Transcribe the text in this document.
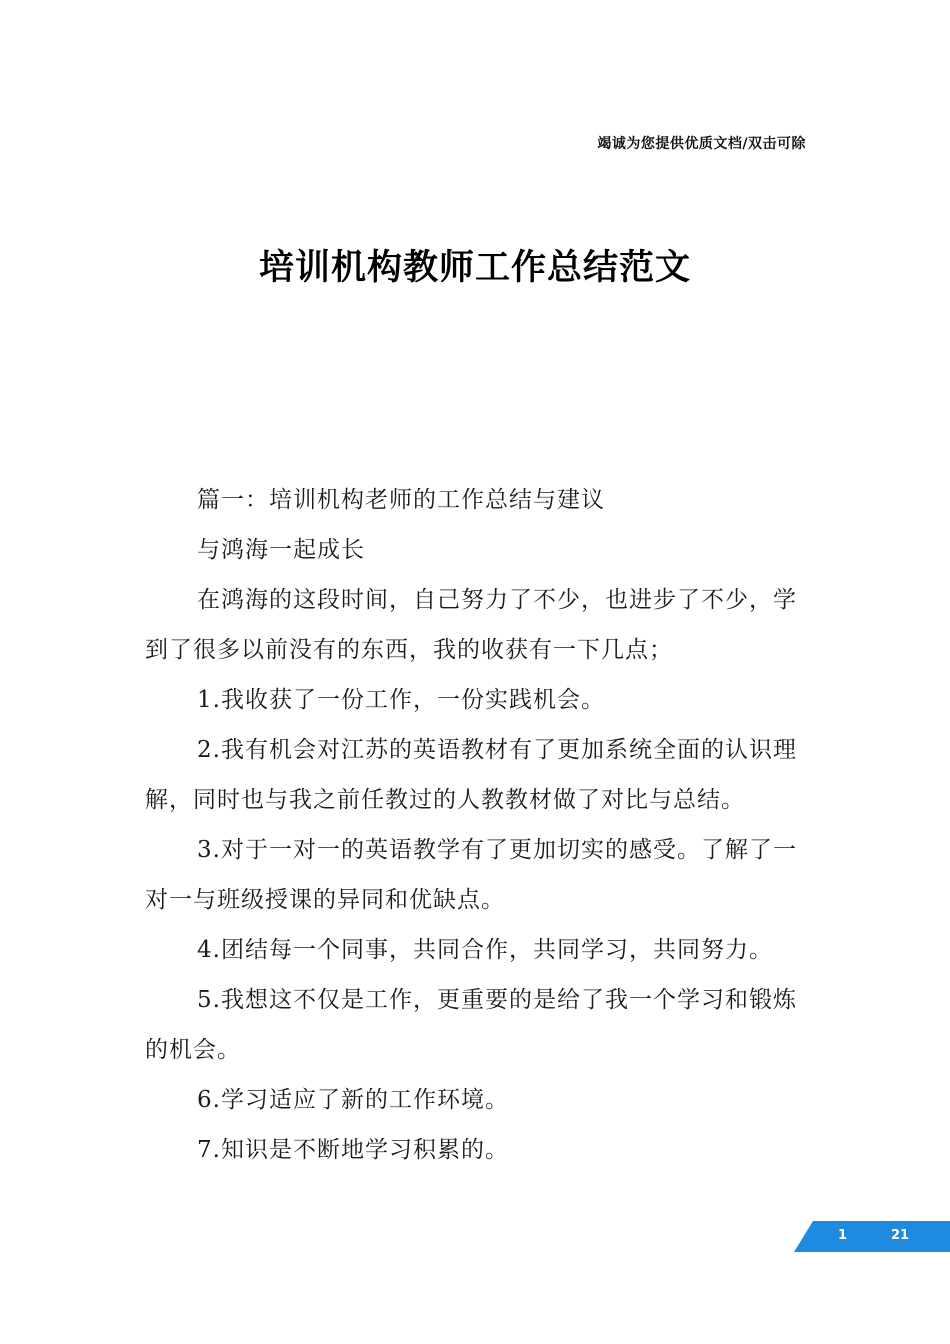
竭诚为您提供优质文档/双击可除
培训机构教师工作总结范文

篇一：培训机构老师的工作总结与建议

与鸿海一起成长

在鸿海的这段时间，自己努力了不少，也进步了不少，学到了很多以前没有的东西，我的收获有一下几点；

1.我收获了一份工作，一份实践机会。

2.我有机会对江苏的英语教材有了更加系统全面的认识理解，同时也与我之前任教过的人教教材做了对比与总结。

3.对于一对一的英语教学有了更加切实的感受。了解了一对一与班级授课的异同和优缺点。

4.团结每一个同事，共同合作，共同学习，共同努力。

5.我想这不仅是工作，更重要的是给了我一个学习和锻炼的机会。

6.学习适应了新的工作环境。

7.知识是不断地学习积累的。

1	21
